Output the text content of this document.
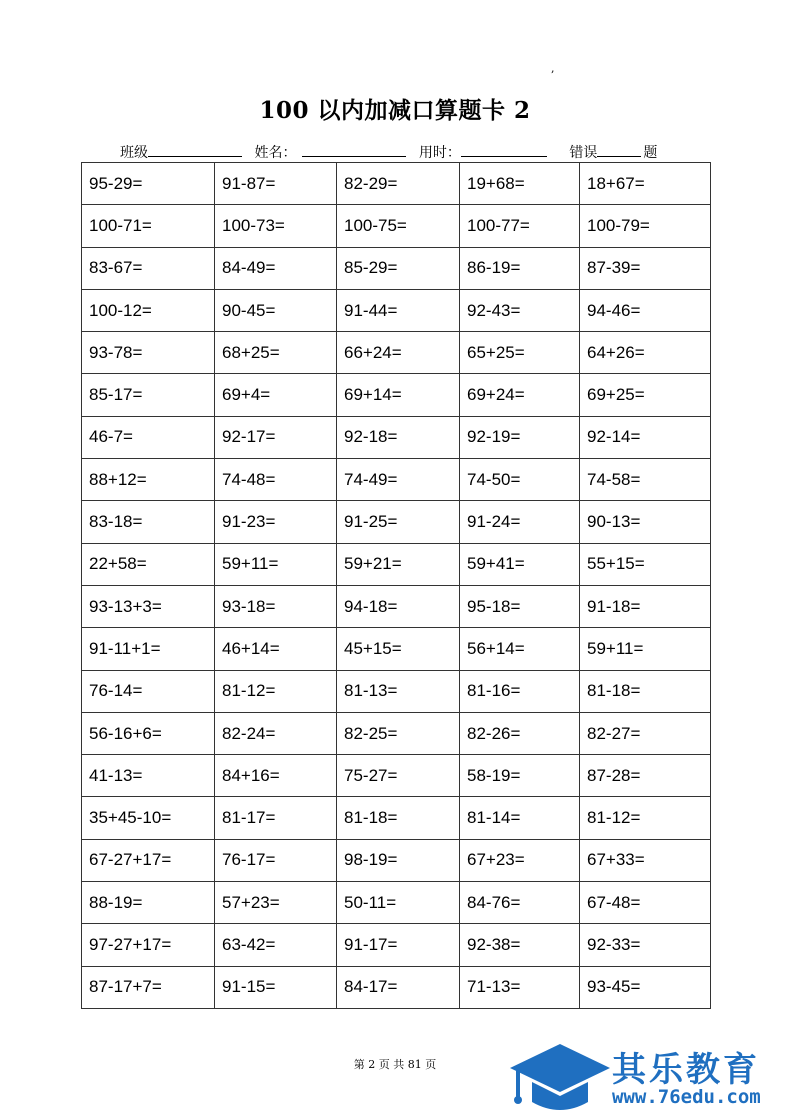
,
100 以内加减口算题卡 2
班级	姓名：	用时：	错误	题
95-29=	91-87=	82-29=	19+68=	18+67=
100-71=	100-73=	100-75=	100-77=	100-79=
83-67=	84-49=	85-29=	86-19=	87-39=
100-12=	90-45=	91-44=	92-43=	94-46=
93-78=	68+25=	66+24=	65+25=	64+26=
85-17=	69+4=	69+14=	69+24=	69+25=
46-7=	92-17=	92-18=	92-19=	92-14=
88+12=	74-48=	74-49=	74-50=	74-58=
83-18=	91-23=	91-25=	91-24=	90-13=
22+58=	59+11=	59+21=	59+41=	55+15=
93-13+3=	93-18=	94-18=	95-18=	91-18=
91-11+1=	46+14=	45+15=	56+14=	59+11=
76-14=	81-12=	81-13=	81-16=	81-18=
56-16+6=	82-24=	82-25=	82-26=	82-27=
41-13=	84+16=	75-27=	58-19=	87-28=
35+45-10=	81-17=	81-18=	81-14=	81-12=
67-27+17=	76-17=	98-19=	67+23=	67+33=
88-19=	57+23=	50-11=	84-76=	67-48=
97-27+17=	63-42=	91-17=	92-38=	92-33=
87-17+7=	91-15=	84-17=	71-13=	93-45=
第 2 页 共 81 页	其乐教育
www.76edu.com
